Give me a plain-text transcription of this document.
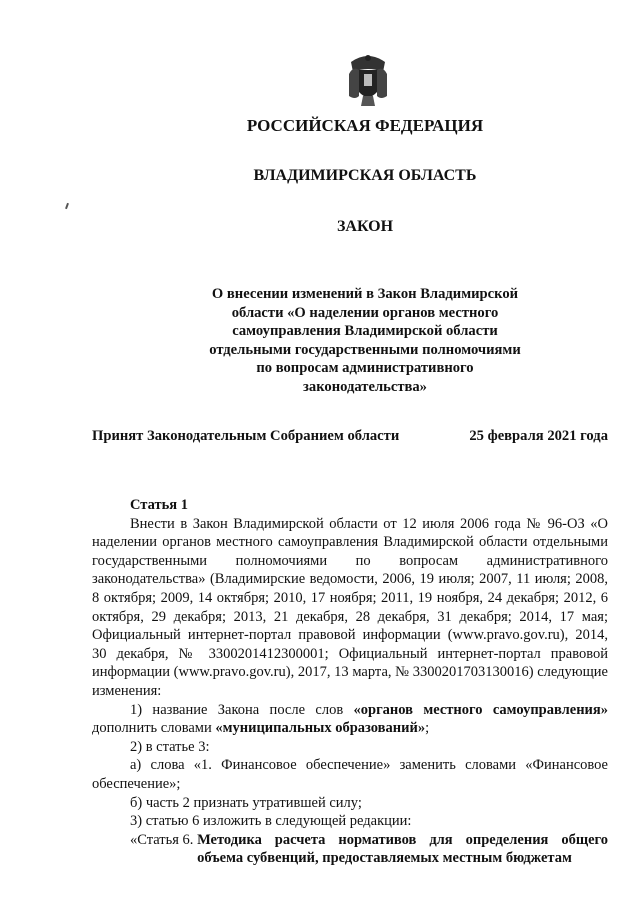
РОССИЙСКАЯ ФЕДЕРАЦИЯ
ВЛАДИМИРСКАЯ ОБЛАСТЬ
ЗАКОН
О внесении изменений в Закон Владимирской
области «О наделении органов местного
самоуправления Владимирской области
отдельными государственными полномочиями
по вопросам административного
законодательства»
Принят Законодательным Собранием области	25 февраля 2021 года

Статья 1

Внести в Закон Владимирской области от 12 июля 2006 года № 96-ОЗ «О наделении органов местного самоуправления Владимирской области отдельными государственными полномочиями по вопросам административного законодательства» (Владимирские ведомости, 2006, 19 июля; 2007, 11 июля; 2008, 8 октября; 2009, 14 октября; 2010, 17 ноября; 2011, 19 ноября, 24 декабря; 2012, 6 октября, 29 декабря; 2013, 21 декабря, 28 декабря, 31 декабря; 2014, 17 мая; Официальный интернет-портал правовой информации (www.pravo.gov.ru), 2014, 30 декабря, № 3300201412300001; Официальный интернет-портал правовой информации (www.pravo.gov.ru), 2017, 13 марта, № 3300201703130016) следующие изменения:

1) название Закона после слов «органов местного самоуправления» дополнить словами «муниципальных образований»;

2) в статье 3:

а) слова «1. Финансовое обеспечение» заменить словами «Финансовое обеспечение»;

б) часть 2 признать утратившей силу;

3) статью 6 изложить в следующей редакции:

«Статья 6. Методика расчета нормативов для определения общего объема субвенций, предоставляемых местным бюджетам
